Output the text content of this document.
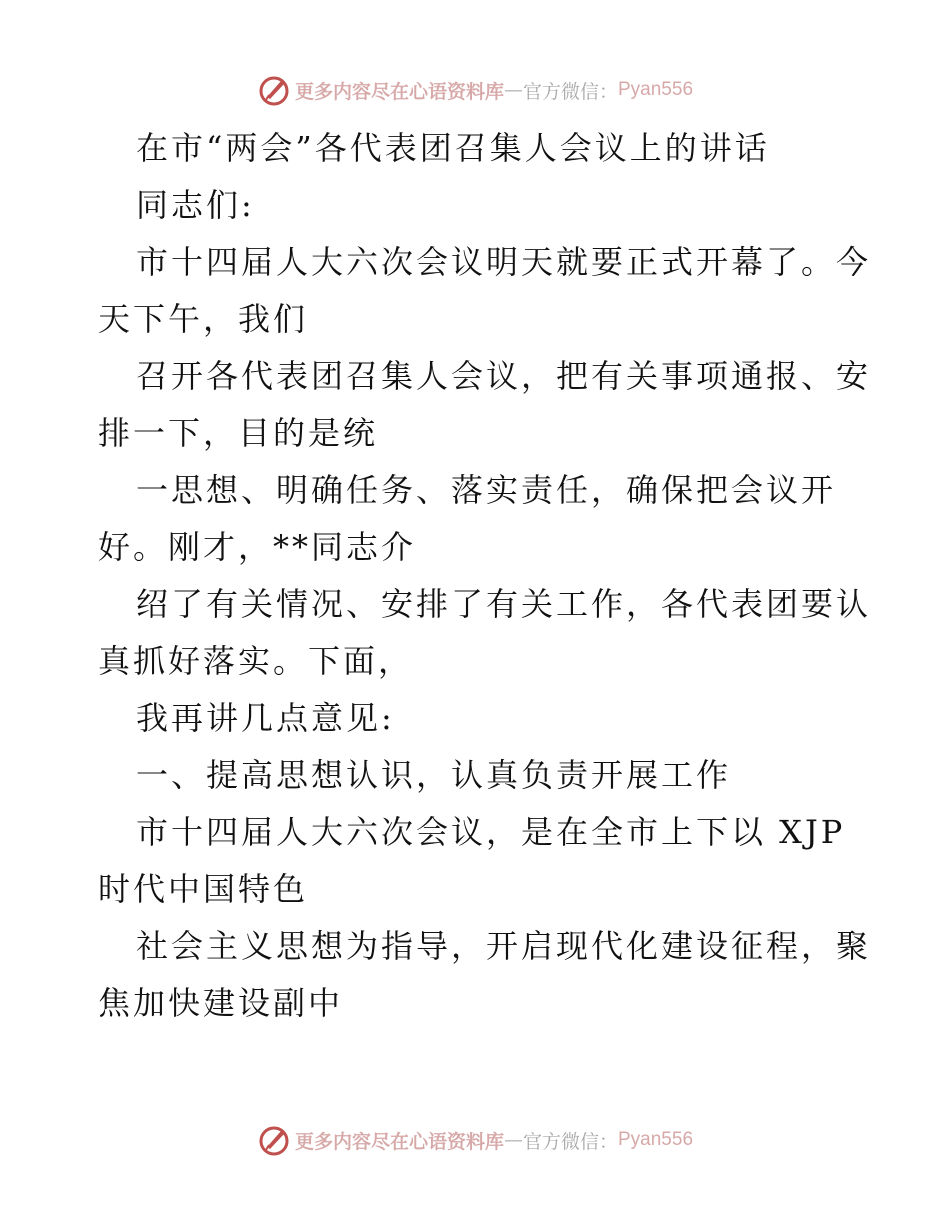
更多内容尽在心语资料库 — 官方微信： Pyan556
在市“两会”各代表团召集人会议上的讲话
同志们:
市十四届人大六次会议明天就要正式开幕了。今
天下午，我们
召开各代表团召集人会议，把有关事项通报、安
排一下，目的是统
一思想、明确任务、落实责任，确保把会议开
好。刚才，**同志介
绍了有关情况、安排了有关工作，各代表团要认
真抓好落实。下面，
我再讲几点意见:
一、提高思想认识，认真负责开展工作
市十四届人大六次会议，是在全市上下以 XJP
时代中国特色
社会主义思想为指导，开启现代化建设征程，聚
焦加快建设副中
更多内容尽在心语资料库 — 官方微信： Pyan556
